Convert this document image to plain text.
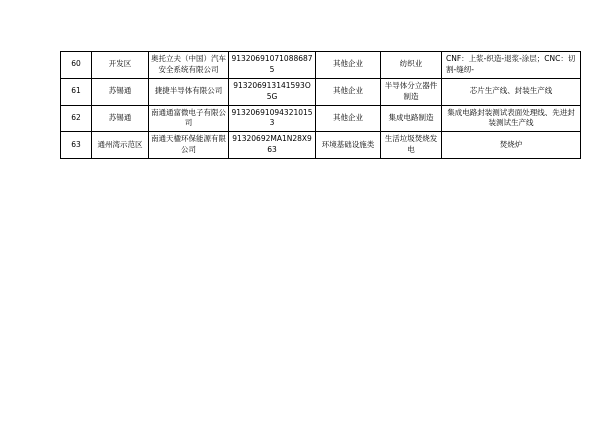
60	开发区	奥托立夫（中国）汽车安全系统有限公司	913206910710886875	其他企业	纺织业	CNF：上浆-织造-退浆-涂层；CNC：切割-缝纫-
61	苏锡通	捷捷半导体有限公司	913206913141593O5G	其他企业	半导体分立器件制造	芯片生产线、封装生产线
62	苏锡通	南通通富微电子有限公司	913206910943210153	其他企业	集成电路制造	集成电路封装测试表面处理线、先进封装测试生产线
63	通州湾示范区	南通天楹环保能源有限公司	91320692MA1N28X963	环境基础设施类	生活垃圾焚烧发电	焚烧炉
